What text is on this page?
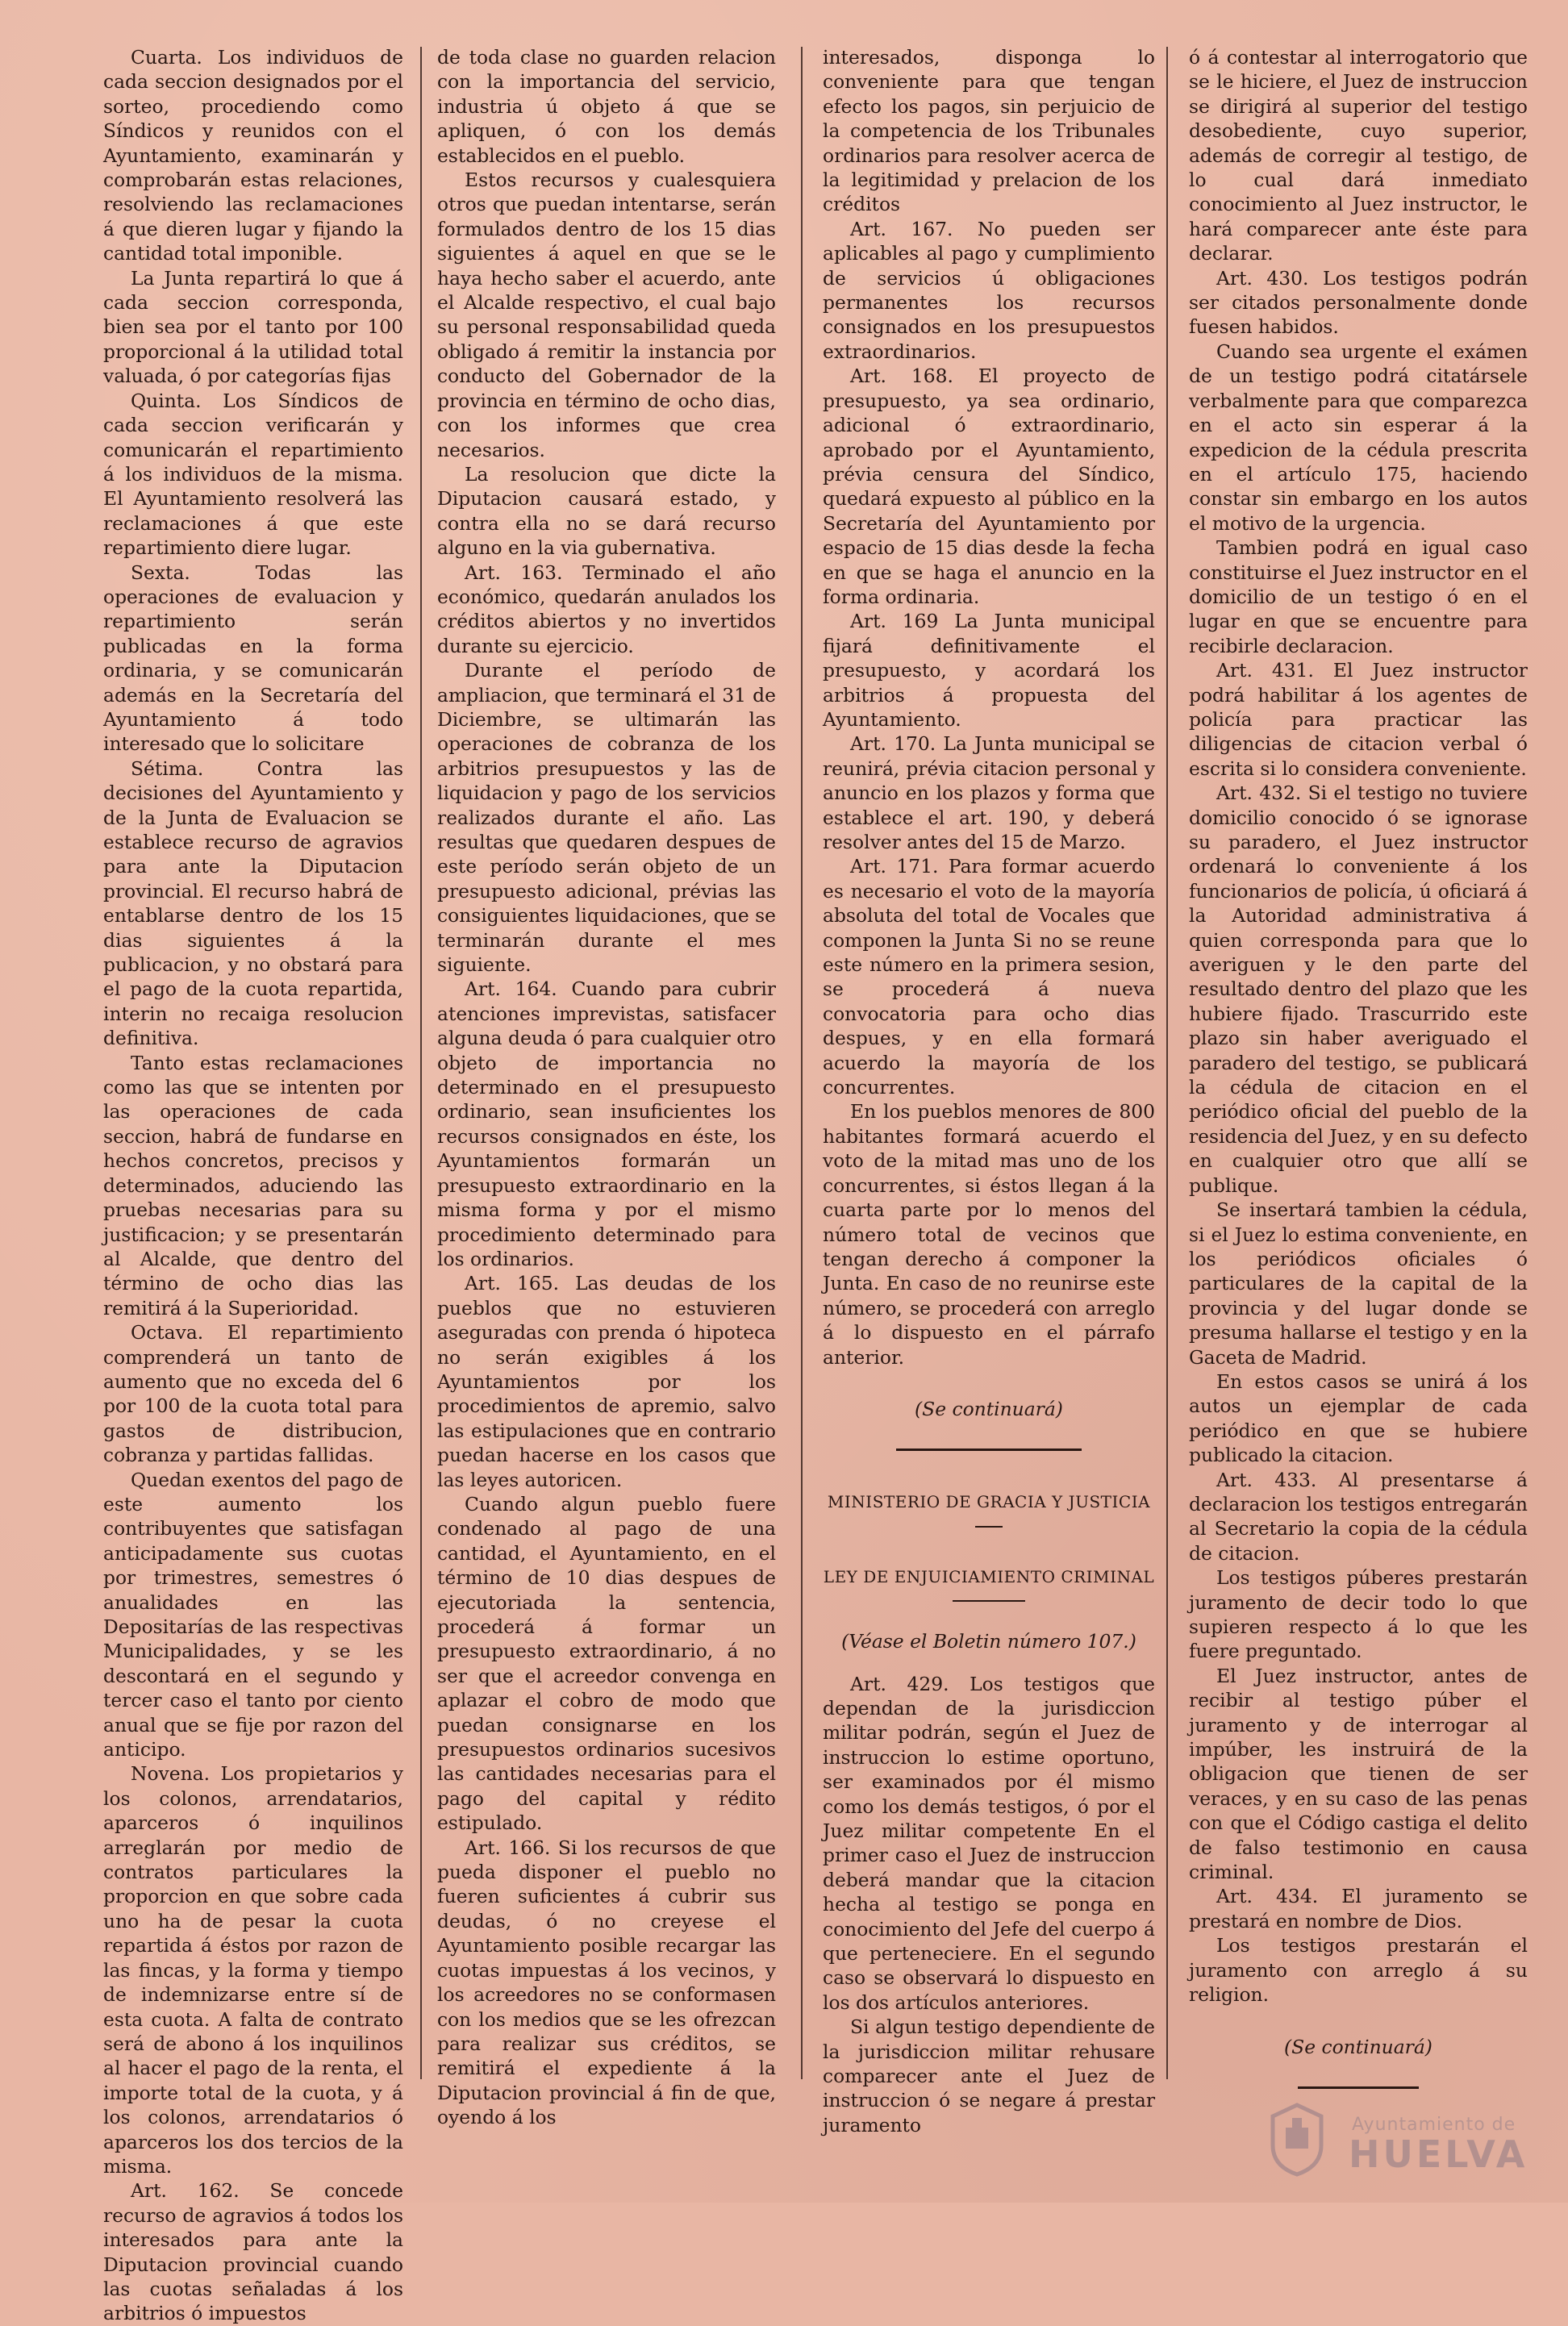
Cuarta. Los individuos de cada seccion designados por el sorteo, procediendo como Síndicos y reunidos con el Ayuntamiento, examinarán y comprobarán estas relaciones, resolviendo las reclamaciones á que dieren lugar y fijando la cantidad total imponible.

La Junta repartirá lo que á cada seccion corresponda, bien sea por el tanto por 100 proporcional á la utilidad total valuada, ó por categorías fijas

Quinta. Los Síndicos de cada seccion verificarán y comunicarán el repartimiento á los individuos de la misma. El Ayuntamiento resolverá las reclamaciones á que este repartimiento diere lugar.

Sexta. Todas las operaciones de evaluacion y repartimiento serán publicadas en la forma ordinaria, y se comunicarán además en la Secretaría del Ayuntamiento á todo interesado que lo solicitare

Sétima. Contra las decisiones del Ayuntamiento y de la Junta de Evaluacion se establece recurso de agravios para ante la Diputacion provincial. El recurso habrá de entablarse dentro de los 15 dias siguientes á la publicacion, y no obstará para el pago de la cuota repartida, interin no recaiga resolucion definitiva.

Tanto estas reclamaciones como las que se intenten por las operaciones de cada seccion, habrá de fundarse en hechos concretos, precisos y determinados, aduciendo las pruebas necesarias para su justificacion; y se presentarán al Alcalde, que dentro del término de ocho dias las remitirá á la Superioridad.

Octava. El repartimiento comprenderá un tanto de aumento que no exceda del 6 por 100 de la cuota total para gastos de distribucion, cobranza y partidas fallidas.

Quedan exentos del pago de este aumento los contribuyentes que satisfagan anticipadamente sus cuotas por trimestres, semestres ó anualidades en las Depositarías de las respectivas Municipalidades, y se les descontará en el segundo y tercer caso el tanto por ciento anual que se fije por razon del anticipo.

Novena. Los propietarios y los colonos, arrendatarios, aparceros ó inquilinos arreglarán por medio de contratos particulares la proporcion en que sobre cada uno ha de pesar la cuota repartida á éstos por razon de las fincas, y la forma y tiempo de indemnizarse entre sí de esta cuota. A falta de contrato será de abono á los inquilinos al hacer el pago de la renta, el importe total de la cuota, y á los colonos, arrendatarios ó aparceros los dos tercios de la misma.

Art. 162. Se concede recurso de agravios á todos los interesados para ante la Diputacion provincial cuando las cuotas señaladas á los arbitrios ó impuestos

de toda clase no guarden relacion con la importancia del servicio, industria ú objeto á que se apliquen, ó con los demás establecidos en el pueblo.

Estos recursos y cualesquiera otros que puedan intentarse, serán formulados dentro de los 15 dias siguientes á aquel en que se le haya hecho saber el acuerdo, ante el Alcalde respectivo, el cual bajo su personal responsabilidad queda obligado á remitir la instancia por conducto del Gobernador de la provincia en término de ocho dias, con los informes que crea necesarios.

La resolucion que dicte la Diputacion causará estado, y contra ella no se dará recurso alguno en la via gubernativa.

Art. 163. Terminado el año económico, quedarán anulados los créditos abiertos y no invertidos durante su ejercicio.

Durante el período de ampliacion, que terminará el 31 de Diciembre, se ultimarán las operaciones de cobranza de los arbitrios presupuestos y las de liquidacion y pago de los servicios realizados durante el año. Las resultas que quedaren despues de este período serán objeto de un presupuesto adicional, prévias las consiguientes liquidaciones, que se terminarán durante el mes siguiente.

Art. 164. Cuando para cubrir atenciones imprevistas, satisfacer alguna deuda ó para cualquier otro objeto de importancia no determinado en el presupuesto ordinario, sean insuficientes los recursos consignados en éste, los Ayuntamientos formarán un presupuesto extraordinario en la misma forma y por el mismo procedimiento determinado para los ordinarios.

Art. 165. Las deudas de los pueblos que no estuvieren aseguradas con prenda ó hipoteca no serán exigibles á los Ayuntamientos por los procedimientos de apremio, salvo las estipulaciones que en contrario puedan hacerse en los casos que las leyes autoricen.

Cuando algun pueblo fuere condenado al pago de una cantidad, el Ayuntamiento, en el término de 10 dias despues de ejecutoriada la sentencia, procederá á formar un presupuesto extraordinario, á no ser que el acreedor convenga en aplazar el cobro de modo que puedan consignarse en los presupuestos ordinarios sucesivos las cantidades necesarias para el pago del capital y rédito estipulado.

Art. 166. Si los recursos de que pueda disponer el pueblo no fueren suficientes á cubrir sus deudas, ó no creyese el Ayuntamiento posible recargar las cuotas impuestas á los vecinos, y los acreedores no se conformasen con los medios que se les ofrezcan para realizar sus créditos, se remitirá el expediente á la Diputacion provincial á fin de que, oyendo á los

interesados, disponga lo conveniente para que tengan efecto los pagos, sin perjuicio de la competencia de los Tribunales ordinarios para resolver acerca de la legitimidad y prelacion de los créditos

Art. 167. No pueden ser aplicables al pago y cumplimiento de servicios ú obligaciones permanentes los recursos consignados en los presupuestos extraordinarios.

Art. 168. El proyecto de presupuesto, ya sea ordinario, adicional ó extraordinario, aprobado por el Ayuntamiento, prévia censura del Síndico, quedará expuesto al público en la Secretaría del Ayuntamiento por espacio de 15 dias desde la fecha en que se haga el anuncio en la forma ordinaria.

Art. 169 La Junta municipal fijará definitivamente el presupuesto, y acordará los arbitrios á propuesta del Ayuntamiento.

Art. 170. La Junta municipal se reunirá, prévia citacion personal y anuncio en los plazos y forma que establece el art. 190, y deberá resolver antes del 15 de Marzo.

Art. 171. Para formar acuerdo es necesario el voto de la mayoría absoluta del total de Vocales que componen la Junta Si no se reune este número en la primera sesion, se procederá á nueva convocatoria para ocho dias despues, y en ella formará acuerdo la mayoría de los concurrentes.

En los pueblos menores de 800 habitantes formará acuerdo el voto de la mitad mas uno de los concurrentes, si éstos llegan á la cuarta parte por lo menos del número total de vecinos que tengan derecho á componer la Junta. En caso de no reunirse este número, se procederá con arreglo á lo dispuesto en el párrafo anterior.

(Se continuará)

MINISTERIO DE GRACIA Y JUSTICIA

LEY DE ENJUICIAMIENTO CRIMINAL

(Véase el Boletin número 107.)

Art. 429. Los testigos que dependan de la jurisdiccion militar podrán, según el Juez de instruccion lo estime oportuno, ser examinados por él mismo como los demás testigos, ó por el Juez militar competente En el primer caso el Juez de instruccion deberá mandar que la citacion hecha al testigo se ponga en conocimiento del Jefe del cuerpo á que perteneciere. En el segundo caso se observará lo dispuesto en los dos artículos anteriores.

Si algun testigo dependiente de la jurisdiccion militar rehusare comparecer ante el Juez de instruccion ó se negare á prestar juramento

ó á contestar al interrogatorio que se le hiciere, el Juez de instruccion se dirigirá al superior del testigo desobediente, cuyo superior, además de corregir al testigo, de lo cual dará inmediato conocimiento al Juez instructor, le hará comparecer ante éste para declarar.

Art. 430. Los testigos podrán ser citados personalmente donde fuesen habidos.

Cuando sea urgente el exámen de un testigo podrá citatársele verbalmente para que comparezca en el acto sin esperar á la expedicion de la cédula prescrita en el artículo 175, haciendo constar sin embargo en los autos el motivo de la urgencia.

Tambien podrá en igual caso constituirse el Juez instructor en el domicilio de un testigo ó en el lugar en que se encuentre para recibirle declaracion.

Art. 431. El Juez instructor podrá habilitar á los agentes de policía para practicar las diligencias de citacion verbal ó escrita si lo considera conveniente.

Art. 432. Si el testigo no tuviere domicilio conocido ó se ignorase su paradero, el Juez instructor ordenará lo conveniente á los funcionarios de policía, ú oficiará á la Autoridad administrativa á quien corresponda para que lo averiguen y le den parte del resultado dentro del plazo que les hubiere fijado. Trascurrido este plazo sin haber averiguado el paradero del testigo, se publicará la cédula de citacion en el periódico oficial del pueblo de la residencia del Juez, y en su defecto en cualquier otro que allí se publique.

Se insertará tambien la cédula, si el Juez lo estima conveniente, en los periódicos oficiales ó particulares de la capital de la provincia y del lugar donde se presuma hallarse el testigo y en la Gaceta de Madrid.

En estos casos se unirá á los autos un ejemplar de cada periódico en que se hubiere publicado la citacion.

Art. 433. Al presentarse á declaracion los testigos entregarán al Secretario la copia de la cédula de citacion.

Los testigos púberes prestarán juramento de decir todo lo que supieren respecto á lo que les fuere preguntado.

El Juez instructor, antes de recibir al testigo púber el juramento y de interrogar al impúber, les instruirá de la obligacion que tienen de ser veraces, y en su caso de las penas con que el Código castiga el delito de falso testimonio en causa criminal.

Art. 434. El juramento se prestará en nombre de Dios.

Los testigos prestarán el juramento con arreglo á su religion.

(Se continuará)

Ayuntamiento de
HUELVA
